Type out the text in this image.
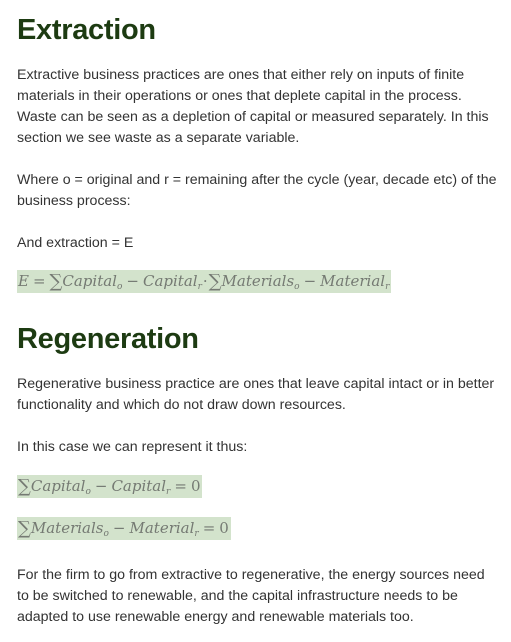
Extraction

Extractive business practices are ones that either rely on inputs of finite materials in their operations or ones that deplete capital in the process. Waste can be seen as a depletion of capital or measured separately. In this section we see waste as a separate variable.

Where o = original and r = remaining after the cycle (year, decade etc) of the business process:

And extraction = E

E = ∑Capital$_o$ − Capital$_r$·∑Materials$_o$ − Material$_r$
Regeneration

Regenerative business practice are ones that leave capital intact or in better functionality and which do not draw down resources.

In this case we can represent it thus:

∑Capital$_o$ − Capital$_r$ = 0
∑Materials$_o$ − Material$_r$ = 0

For the firm to go from extractive to regenerative, the energy sources need to be switched to renewable, and the capital infrastructure needs to be adapted to use renewable energy and renewable materials too.
